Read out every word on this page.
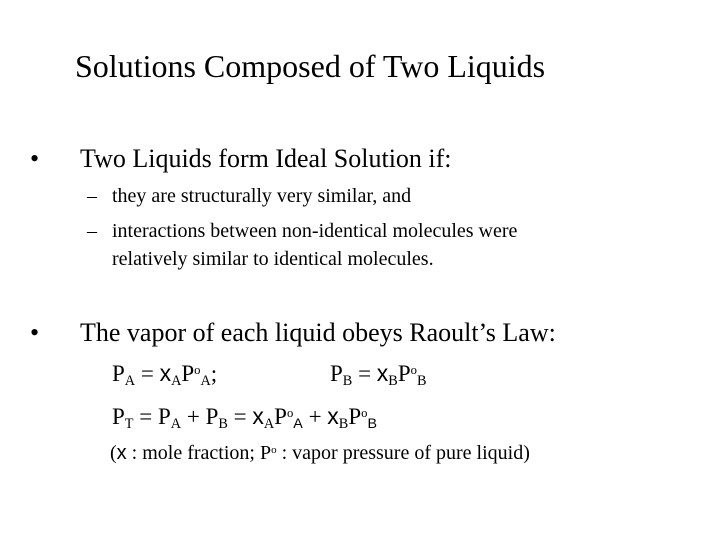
Solutions Composed of Two Liquids
• Two Liquids form Ideal Solution if:
– they are structurally very similar, and
– interactions between non-identical molecules were
relatively similar to identical molecules.
• The vapor of each liquid obeys Raoult’s Law:
$P_A = x_AP^o_A$;	$P_B = x_BP^o_B$
$P_T = P_A + P_B = x_AP^o_A + x_BP^o_B$
(x : mole fraction; $P^o$ : vapor pressure of pure liquid)
